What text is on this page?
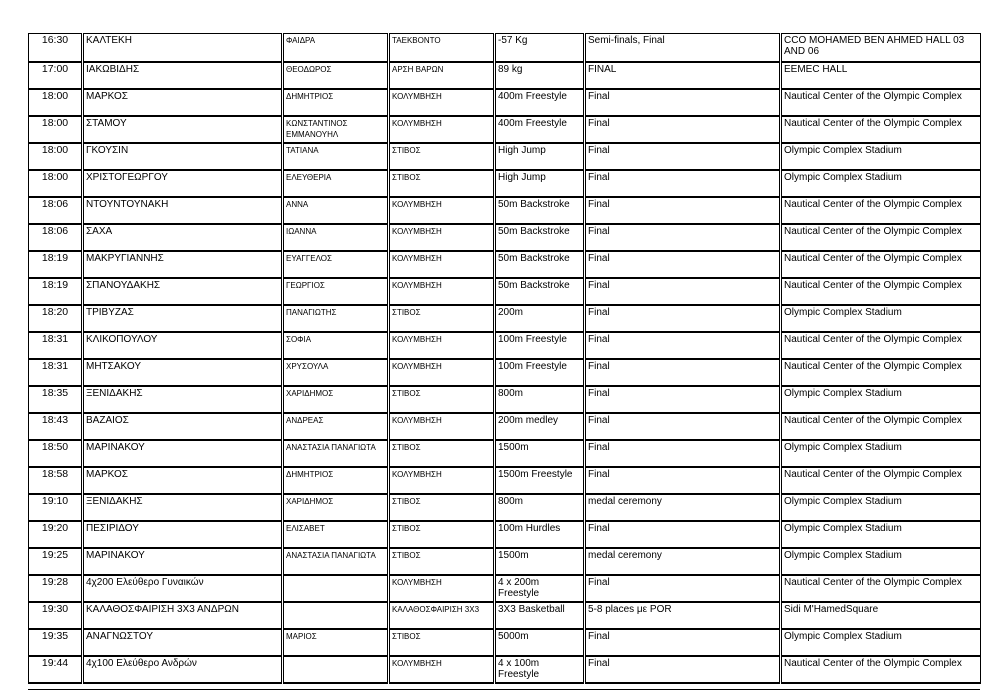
16:30	ΚΑΛΤΕΚΗ	ΦΑΙΔΡΑ	ΤΑΕΚΒΟΝΤΟ	-57 Kg	Semi-finals, Final	CCO MOHAMED BEN AHMED HALL 03 AND 06
17:00	ΙΑΚΩΒΙΔΗΣ	ΘΕΟΔΩΡΟΣ	ΑΡΣΗ ΒΑΡΩΝ	89 kg	FINAL	EEMEC HALL
18:00	ΜΑΡΚΟΣ	ΔΗΜΗΤΡΙΟΣ	ΚΟΛΥΜΒΗΣΗ	400m Freestyle	Final	Nautical Center of the Olympic Complex
18:00	ΣΤΑΜΟΥ	ΚΩΝΣΤΑΝΤΙΝΟΣ ΕΜΜΑΝΟΥΗΛ	ΚΟΛΥΜΒΗΣΗ	400m Freestyle	Final	Nautical Center of the Olympic Complex
18:00	ΓΚΟΥΣΙΝ	ΤΑΤΙΑΝΑ	ΣΤΙΒΟΣ	High Jump	Final	Olympic Complex Stadium
18:00	ΧΡΙΣΤΟΓΕΩΡΓΟΥ	ΕΛΕΥΘΕΡΙΑ	ΣΤΙΒΟΣ	High Jump	Final	Olympic Complex Stadium
18:06	ΝΤΟΥΝΤΟΥΝΑΚΗ	ΑΝΝΑ	ΚΟΛΥΜΒΗΣΗ	50m Backstroke	Final	Nautical Center of the Olympic Complex
18:06	ΣΑΧΑ	ΙΩΑΝΝΑ	ΚΟΛΥΜΒΗΣΗ	50m Backstroke	Final	Nautical Center of the Olympic Complex
18:19	ΜΑΚΡΥΓΙΑΝΝΗΣ	ΕΥΑΓΓΕΛΟΣ	ΚΟΛΥΜΒΗΣΗ	50m Backstroke	Final	Nautical Center of the Olympic Complex
18:19	ΣΠΑΝΟΥΔΑΚΗΣ	ΓΕΩΡΓΙΟΣ	ΚΟΛΥΜΒΗΣΗ	50m Backstroke	Final	Nautical Center of the Olympic Complex
18:20	ΤΡΙΒΥΖΑΣ	ΠΑΝΑΓΙΩΤΗΣ	ΣΤΙΒΟΣ	200m	Final	Olympic Complex Stadium
18:31	ΚΛΙΚΟΠΟΥΛΟΥ	ΣΟΦΙΑ	ΚΟΛΥΜΒΗΣΗ	100m Freestyle	Final	Nautical Center of the Olympic Complex
18:31	ΜΗΤΣΑΚΟΥ	ΧΡΥΣΟΥΛΑ	ΚΟΛΥΜΒΗΣΗ	100m Freestyle	Final	Nautical Center of the Olympic Complex
18:35	ΞΕΝΙΔΑΚΗΣ	ΧΑΡΙΔΗΜΟΣ	ΣΤΙΒΟΣ	800m	Final	Olympic Complex Stadium
18:43	ΒΑΖΑΙΟΣ	ΑΝΔΡΕΑΣ	ΚΟΛΥΜΒΗΣΗ	200m medley	Final	Nautical Center of the Olympic Complex
18:50	ΜΑΡΙΝΑΚΟΥ	ΑΝΑΣΤΑΣΙΑ ΠΑΝΑΓΙΩΤΑ	ΣΤΙΒΟΣ	1500m	Final	Olympic Complex Stadium
18:58	ΜΑΡΚΟΣ	ΔΗΜΗΤΡΙΟΣ	ΚΟΛΥΜΒΗΣΗ	1500m Freestyle	Final	Nautical Center of the Olympic Complex
19:10	ΞΕΝΙΔΑΚΗΣ	ΧΑΡΙΔΗΜΟΣ	ΣΤΙΒΟΣ	800m	medal ceremony	Olympic Complex Stadium
19:20	ΠΕΣΙΡΙΔΟΥ	ΕΛΙΣΑΒΕΤ	ΣΤΙΒΟΣ	100m Hurdles	Final	Olympic Complex Stadium
19:25	ΜΑΡΙΝΑΚΟΥ	ΑΝΑΣΤΑΣΙΑ ΠΑΝΑΓΙΩΤΑ	ΣΤΙΒΟΣ	1500m	medal ceremony	Olympic Complex Stadium
19:28	4χ200 Ελεύθερο Γυναικών		ΚΟΛΥΜΒΗΣΗ	4 x 200m Freestyle	Final	Nautical Center of the Olympic Complex
19:30	ΚΑΛΑΘΟΣΦΑΙΡΙΣΗ 3Χ3 ΑΝΔΡΩΝ		ΚΑΛΑΘΟΣΦΑΙΡΙΣΗ 3Χ3	3X3 Basketball	5-8 places με POR	Sidi M'HamedSquare
19:35	ΑΝΑΓΝΩΣΤΟΥ	ΜΑΡΙΟΣ	ΣΤΙΒΟΣ	5000m	Final	Olympic Complex Stadium
19:44	4χ100 Ελεύθερο Ανδρών		ΚΟΛΥΜΒΗΣΗ	4 x 100m Freestyle	Final	Nautical Center of the Olympic Complex
